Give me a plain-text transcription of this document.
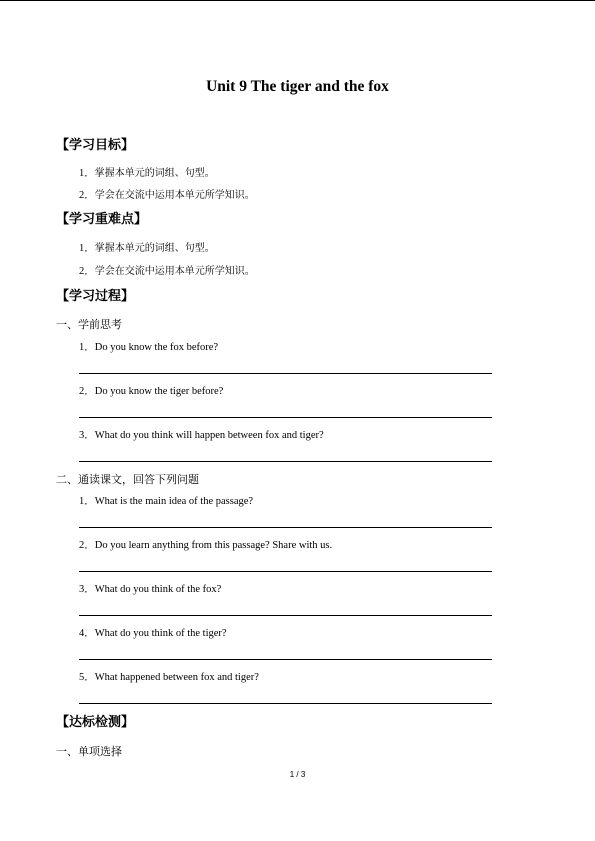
Unit 9 The tiger and the fox
【学习目标】
1．掌握本单元的词组、句型。
2．学会在交流中运用本单元所学知识。
【学习重难点】
1．掌握本单元的词组、句型。
2．学会在交流中运用本单元所学知识。
【学习过程】
一、学前思考
1．Do you know the fox before?
2．Do you know the tiger before?
3．What do you think will happen between fox and tiger?
二、通读课文，回答下列问题
1．What is the main idea of the passage?
2．Do you learn anything from this passage? Share with us.
3．What do you think of the fox?
4．What do you think of the tiger?
5．What happened between fox and tiger?
【达标检测】
一、单项选择
1 / 3
